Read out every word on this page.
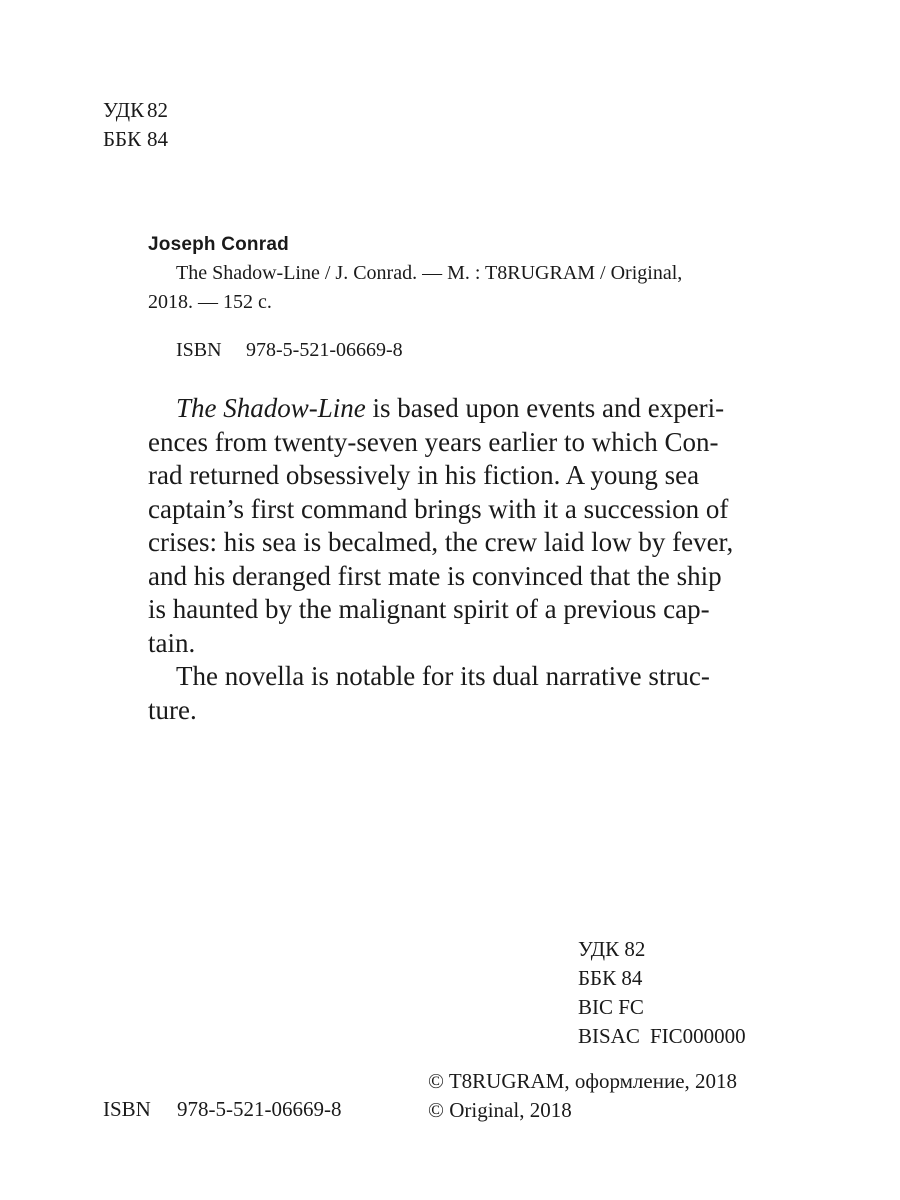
УДК 82
ББК 84
Joseph Conrad
The Shadow-Line / J. Conrad. — M. : T8RUGRAM / Original,
2018. — 152 c.
ISBN 978-5-521-06669-8
The Shadow-Line is based upon events and experi-
ences from twenty-seven years earlier to which Con-
rad returned obsessively in his fiction. A young sea
captain’s first command brings with it a succession of
crises: his sea is becalmed, the crew laid low by fever,
and his deranged first mate is convinced that the ship
is haunted by the malignant spirit of a previous cap-
tain.
The novella is notable for its dual narrative struc-
ture.
УДК 82
ББК 84
BIC FC
BISAC FIC000000
ISBN 978-5-521-06669-8
© T8RUGRAM, оформление, 2018
© Original, 2018
